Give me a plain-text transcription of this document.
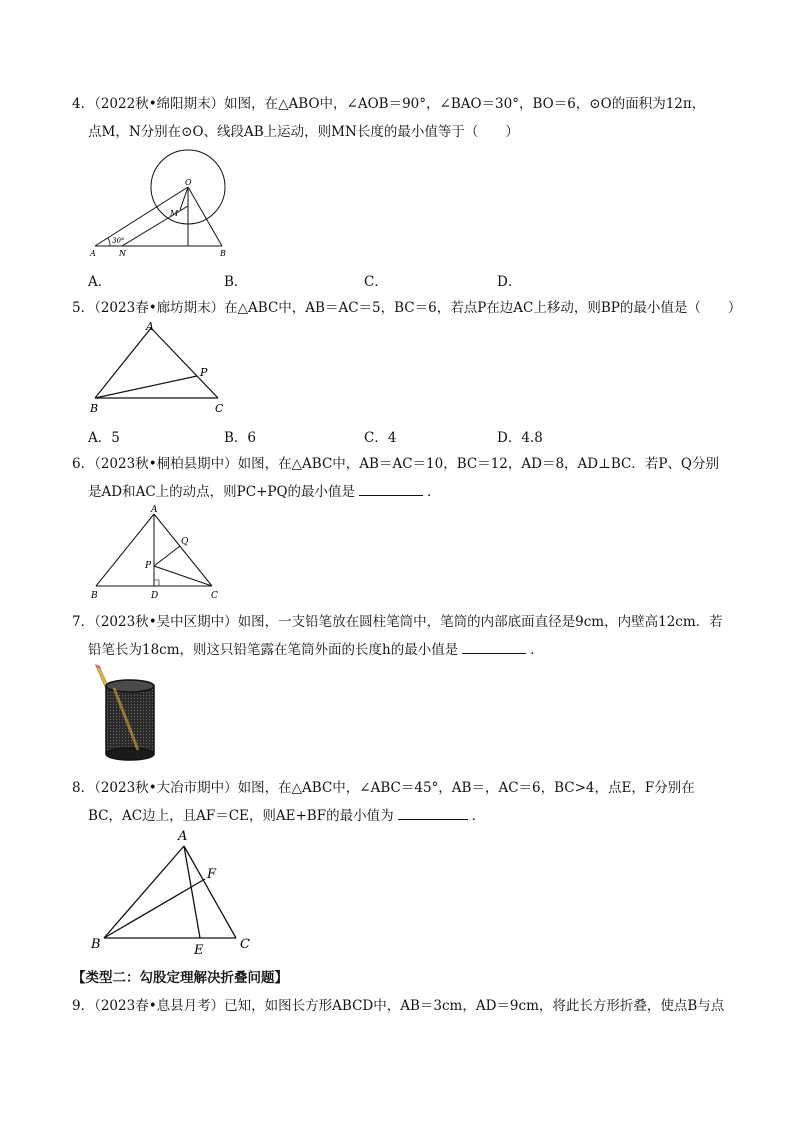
4．（2022秋•绵阳期末）如图，在△ABO中，∠AOB＝90°，∠BAO＝30°，BO＝6，⊙O的面积为12π，
点M，N分别在⊙O、线段AB上运动，则MN长度的最小值等于（　　）
O
M
A	N	B
30°
A．	B．	C．	D．
5．（2023春•廊坊期末）在△ABC中，AB＝AC＝5，BC＝6，若点P在边AC上移动，则BP的最小值是（　　）
A
P
B	C
A．5	B．6	C．4	D．4.8
6．（2023秋•桐柏县期中）如图，在△ABC中，AB＝AC＝10，BC＝12，AD＝8，AD⊥BC．若P、Q分别
是AD和AC上的动点，则PC+PQ的最小值是	．
A
Q
P
B	D	C
7．（2023秋•吴中区期中）如图，一支铅笔放在圆柱笔筒中，笔筒的内部底面直径是9cm，内壁高12cm．若
铅笔长为18cm，则这只铅笔露在笔筒外面的长度h的最小值是	．
8．（2023秋•大冶市期中）如图，在△ABC中，∠ABC＝45°，AB＝，AC＝6，BC>4，点E，F分别在
BC，AC边上，且AF＝CE，则AE+BF的最小值为	．
A
F
B	E	C
【类型二：勾股定理解决折叠问题】
9．（2023春•息县月考）已知，如图长方形ABCD中，AB＝3cm，AD＝9cm，将此长方形折叠，使点B与点
